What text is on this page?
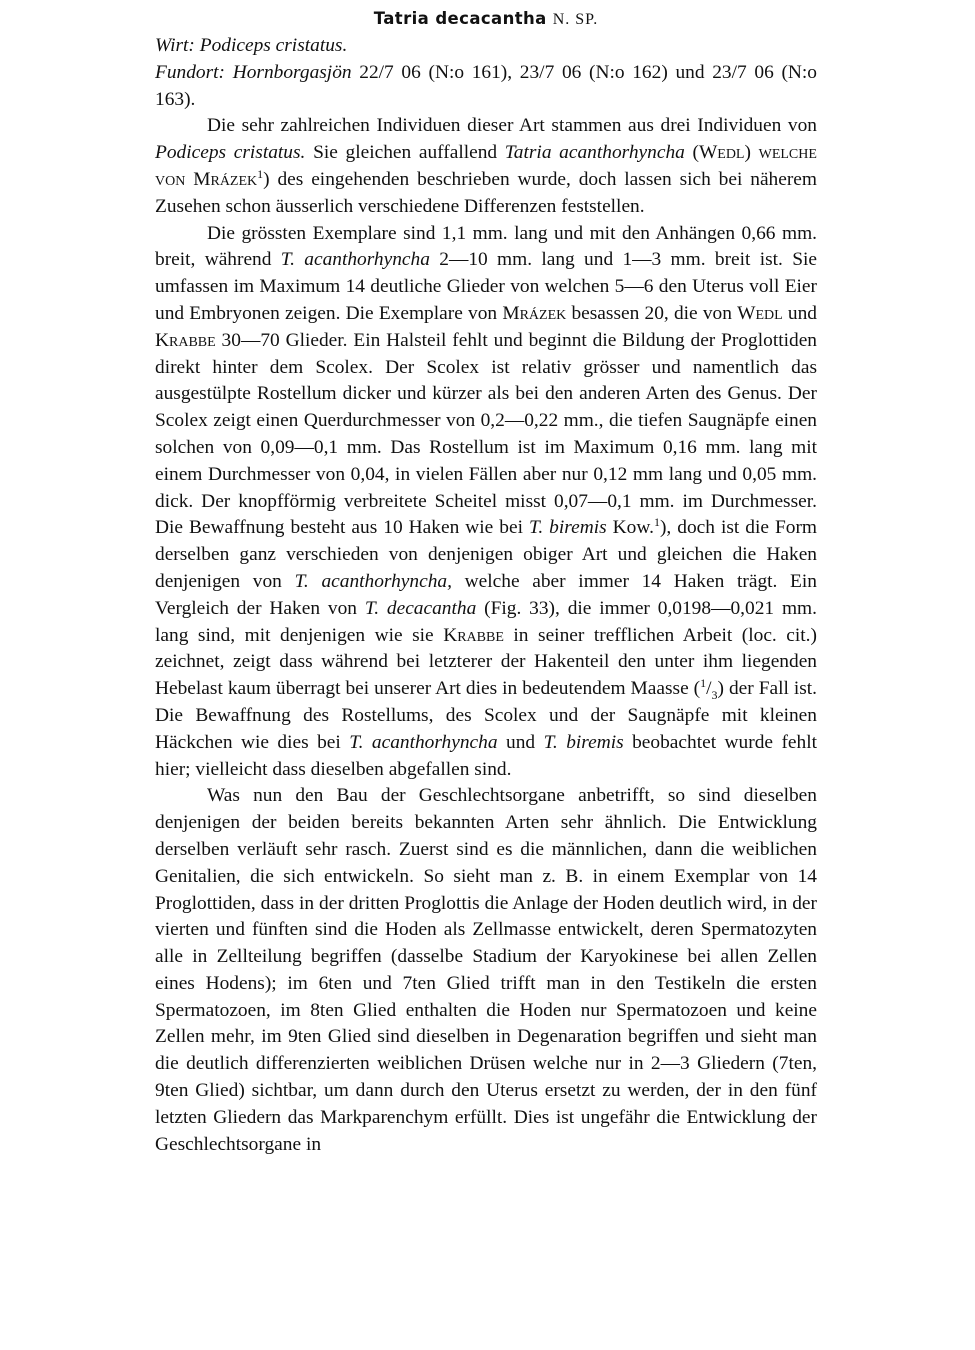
Tatria decacantha N. SP.

Wirt: Podiceps cristatus.

Fundort: Hornborgasjön 22/7 06 (N:o 161), 23/7 06 (N:o 162) und 23/7 06 (N:o 163).

Die sehr zahlreichen Individuen dieser Art stammen aus drei Individuen von Podiceps cristatus. Sie gleichen auffallend Tatria acanthorhyncha (Wedl) welche von Mrázek$^1$) des eingehenden beschrieben wurde, doch lassen sich bei näherem Zusehen schon äusserlich verschiedene Differenzen feststellen.

Die grössten Exemplare sind 1,1 mm. lang und mit den Anhängen 0,66 mm. breit, während T. acanthorhyncha 2—10 mm. lang und 1—3 mm. breit ist. Sie umfassen im Maximum 14 deutliche Glieder von welchen 5—6 den Uterus voll Eier und Embryonen zeigen. Die Exemplare von Mrázek besassen 20, die von Wedl und Krabbe 30—70 Glieder. Ein Halsteil fehlt und beginnt die Bildung der Proglottiden direkt hinter dem Scolex. Der Scolex ist relativ grösser und namentlich das ausgestülpte Rostellum dicker und kürzer als bei den anderen Arten des Genus. Der Scolex zeigt einen Querdurchmesser von 0,2—0,22 mm., die tiefen Saugnäpfe einen solchen von 0,09—0,1 mm. Das Rostellum ist im Maximum 0,16 mm. lang mit einem Durchmesser von 0,04, in vielen Fällen aber nur 0,12 mm lang und 0,05 mm. dick. Der knopfförmig verbreitete Scheitel misst 0,07—0,1 mm. im Durchmesser. Die Bewaffnung besteht aus 10 Haken wie bei T. biremis Kow.$^1$), doch ist die Form derselben ganz verschieden von denjenigen obiger Art und gleichen die Haken denjenigen von T. acanthorhyncha, welche aber immer 14 Haken trägt. Ein Vergleich der Haken von T. decacantha (Fig. 33), die immer 0,0198—0,021 mm. lang sind, mit denjenigen wie sie Krabbe in seiner trefflichen Arbeit (loc. cit.) zeichnet, zeigt dass während bei letzterer der Hakenteil den unter ihm liegenden Hebelast kaum überragt bei unserer Art dies in bedeutendem Maasse $(^1/_3)$ der Fall ist. Die Bewaffnung des Rostellums, des Scolex und der Saugnäpfe mit kleinen Häckchen wie dies bei T. acanthorhyncha und T. biremis beobachtet wurde fehlt hier; vielleicht dass dieselben abgefallen sind.

Was nun den Bau der Geschlechtsorgane anbetrifft, so sind dieselben denjenigen der beiden bereits bekannten Arten sehr ähnlich. Die Entwicklung derselben verläuft sehr rasch. Zuerst sind es die männlichen, dann die weiblichen Genitalien, die sich entwickeln. So sieht man z. B. in einem Exemplar von 14 Proglottiden, dass in der dritten Proglottis die Anlage der Hoden deutlich wird, in der vierten und fünften sind die Hoden als Zellmasse entwickelt, deren Spermatozyten alle in Zellteilung begriffen (dasselbe Stadium der Karyokinese bei allen Zellen eines Hodens); im 6ten und 7ten Glied trifft man in den Testikeln die ersten Spermatozoen, im 8ten Glied enthalten die Hoden nur Spermatozoen und keine Zellen mehr, im 9ten Glied sind dieselben in Degenaration begriffen und sieht man die deutlich differenzierten weiblichen Drüsen welche nur in 2—3 Gliedern (7ten, 9ten Glied) sichtbar, um dann durch den Uterus ersetzt zu werden, der in den fünf letzten Gliedern das Markparenchym erfüllt. Dies ist ungefähr die Entwicklung der Geschlechtsorgane in
